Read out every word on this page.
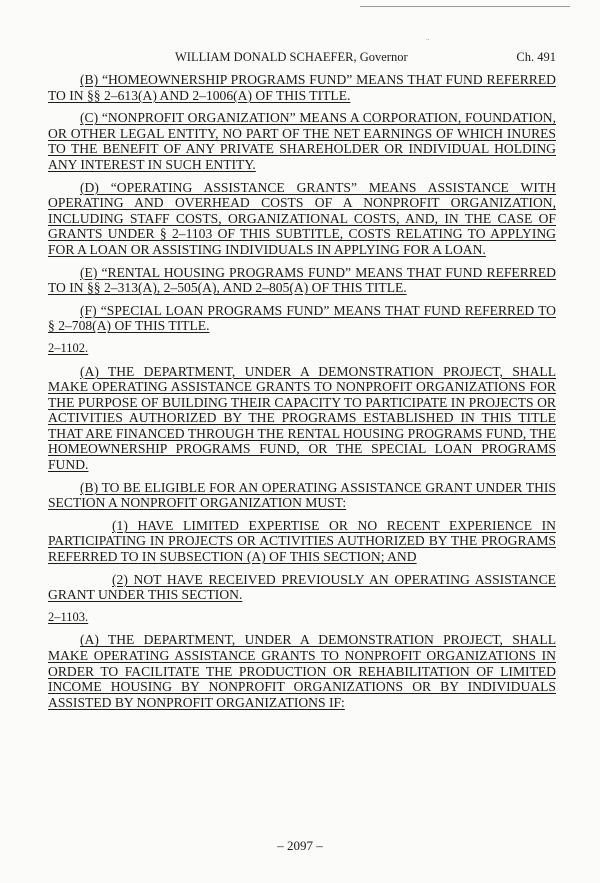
..
WILLIAM DONALD SCHAEFER, Governor	Ch. 491

(B) “HOMEOWNERSHIP PROGRAMS FUND” MEANS THAT FUND REFERRED TO IN §§ 2–613(A) AND 2–1006(A) OF THIS TITLE.

(C) “NONPROFIT ORGANIZATION” MEANS A CORPORATION, FOUNDATION, OR OTHER LEGAL ENTITY, NO PART OF THE NET EARNINGS OF WHICH INURES TO THE BENEFIT OF ANY PRIVATE SHAREHOLDER OR INDIVIDUAL HOLDING ANY INTEREST IN SUCH ENTITY.

(D) “OPERATING ASSISTANCE GRANTS” MEANS ASSISTANCE WITH OPERATING AND OVERHEAD COSTS OF A NONPROFIT ORGANIZATION, INCLUDING STAFF COSTS, ORGANIZATIONAL COSTS, AND, IN THE CASE OF GRANTS UNDER § 2–1103 OF THIS SUBTITLE, COSTS RELATING TO APPLYING FOR A LOAN OR ASSISTING INDIVIDUALS IN APPLYING FOR A LOAN.

(E) “RENTAL HOUSING PROGRAMS FUND” MEANS THAT FUND REFERRED TO IN §§ 2–313(A), 2–505(A), AND 2–805(A) OF THIS TITLE.

(F) “SPECIAL LOAN PROGRAMS FUND” MEANS THAT FUND REFERRED TO § 2–708(A) OF THIS TITLE.

2–1102.

(A) THE DEPARTMENT, UNDER A DEMONSTRATION PROJECT, SHALL MAKE OPERATING ASSISTANCE GRANTS TO NONPROFIT ORGANIZATIONS FOR THE PURPOSE OF BUILDING THEIR CAPACITY TO PARTICIPATE IN PROJECTS OR ACTIVITIES AUTHORIZED BY THE PROGRAMS ESTABLISHED IN THIS TITLE THAT ARE FINANCED THROUGH THE RENTAL HOUSING PROGRAMS FUND, THE HOMEOWNERSHIP PROGRAMS FUND, OR THE SPECIAL LOAN PROGRAMS FUND.

(B) TO BE ELIGIBLE FOR AN OPERATING ASSISTANCE GRANT UNDER THIS SECTION A NONPROFIT ORGANIZATION MUST:

(1) HAVE LIMITED EXPERTISE OR NO RECENT EXPERIENCE IN PARTICIPATING IN PROJECTS OR ACTIVITIES AUTHORIZED BY THE PROGRAMS REFERRED TO IN SUBSECTION (A) OF THIS SECTION; AND

(2) NOT HAVE RECEIVED PREVIOUSLY AN OPERATING ASSISTANCE GRANT UNDER THIS SECTION.

2–1103.

(A) THE DEPARTMENT, UNDER A DEMONSTRATION PROJECT, SHALL MAKE OPERATING ASSISTANCE GRANTS TO NONPROFIT ORGANIZATIONS IN ORDER TO FACILITATE THE PRODUCTION OR REHABILITATION OF LIMITED INCOME HOUSING BY NONPROFIT ORGANIZATIONS OR BY INDIVIDUALS ASSISTED BY NONPROFIT ORGANIZATIONS IF:

– 2097 –
